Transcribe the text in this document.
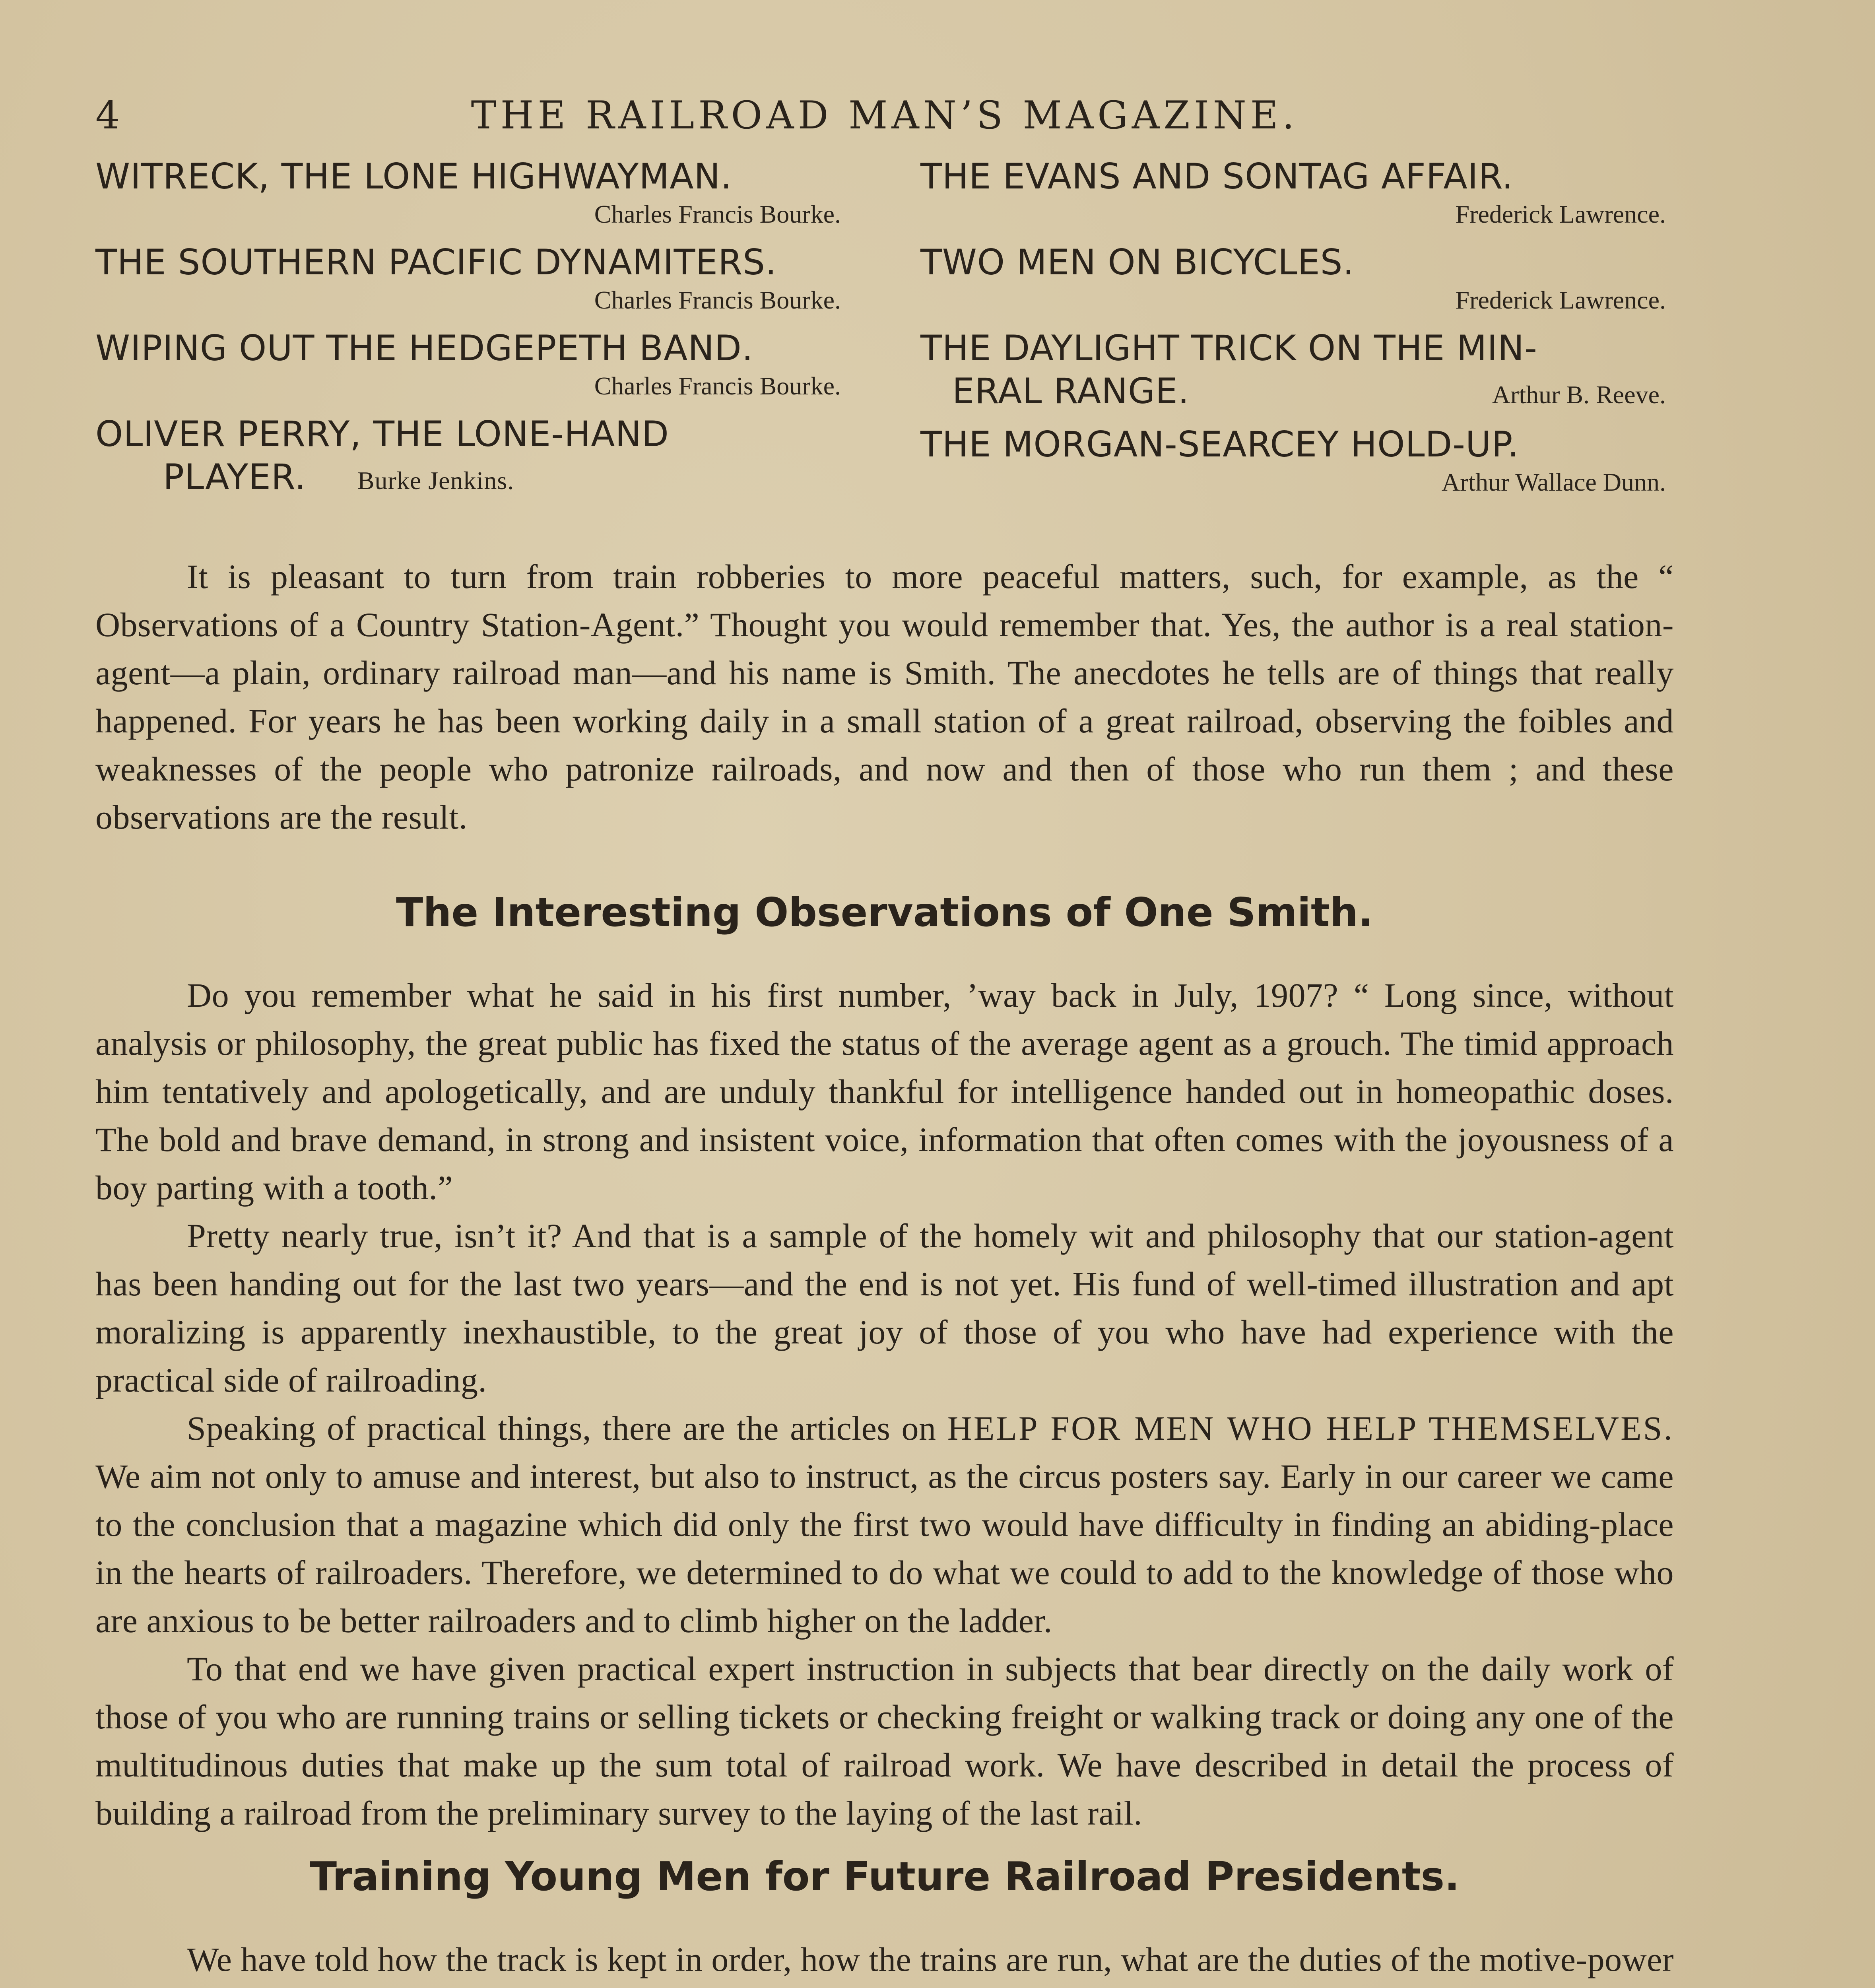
4	THE RAILROAD MAN’S MAGAZINE.
WITRECK, THE LONE HIGHWAYMAN.
Charles Francis Bourke.
THE SOUTHERN PACIFIC DYNAMITERS.
Charles Francis Bourke.
WIPING OUT THE HEDGEPETH BAND.
Charles Francis Bourke.
OLIVER PERRY, THE LONE-HAND
PLAYER. Burke Jenkins.
THE EVANS AND SONTAG AFFAIR.
Frederick Lawrence.
TWO MEN ON BICYCLES.
Frederick Lawrence.
THE DAYLIGHT TRICK ON THE MIN-
ERAL RANGE.	Arthur B. Reeve.
THE MORGAN-SEARCEY HOLD-UP.
Arthur Wallace Dunn.

It is pleasant to turn from train robberies to more peaceful matters, such, for example, as the “ Observations of a Country Station-Agent.” Thought you would remember that. Yes, the author is a real station-agent—a plain, ordinary railroad man—and his name is Smith. The anecdotes he tells are of things that really happened. For years he has been working daily in a small station of a great railroad, observing the foibles and weaknesses of the people who patronize railroads, and now and then of those who run them ; and these observations are the result.

The Interesting Observations of One Smith.

Do you remember what he said in his first number, ’way back in July, 1907? “ Long since, without analysis or philosophy, the great public has fixed the status of the average agent as a grouch. The timid approach him tentatively and apologetically, and are unduly thankful for intelligence handed out in homeopathic doses. The bold and brave demand, in strong and insistent voice, information that often comes with the joyousness of a boy parting with a tooth.”

Pretty nearly true, isn’t it? And that is a sample of the homely wit and philosophy that our station-agent has been handing out for the last two years—and the end is not yet. His fund of well-timed illustration and apt moralizing is apparently inexhaustible, to the great joy of those of you who have had experience with the practical side of railroading.

Speaking of practical things, there are the articles on HELP FOR MEN WHO HELP THEMSELVES. We aim not only to amuse and interest, but also to instruct, as the circus posters say. Early in our career we came to the conclusion that a magazine which did only the first two would have difficulty in finding an abiding-place in the hearts of railroaders. Therefore, we determined to do what we could to add to the knowledge of those who are anxious to be better railroaders and to climb higher on the ladder.

To that end we have given practical expert instruction in subjects that bear directly on the daily work of those of you who are running trains or selling tickets or checking freight or walking track or doing any one of the multitudinous duties that make up the sum total of railroad work. We have described in detail the process of building a railroad from the preliminary survey to the laying of the last rail.

Training Young Men for Future Railroad Presidents.

We have told how the track is kept in order, how the trains are run, what are the duties of the motive-power
